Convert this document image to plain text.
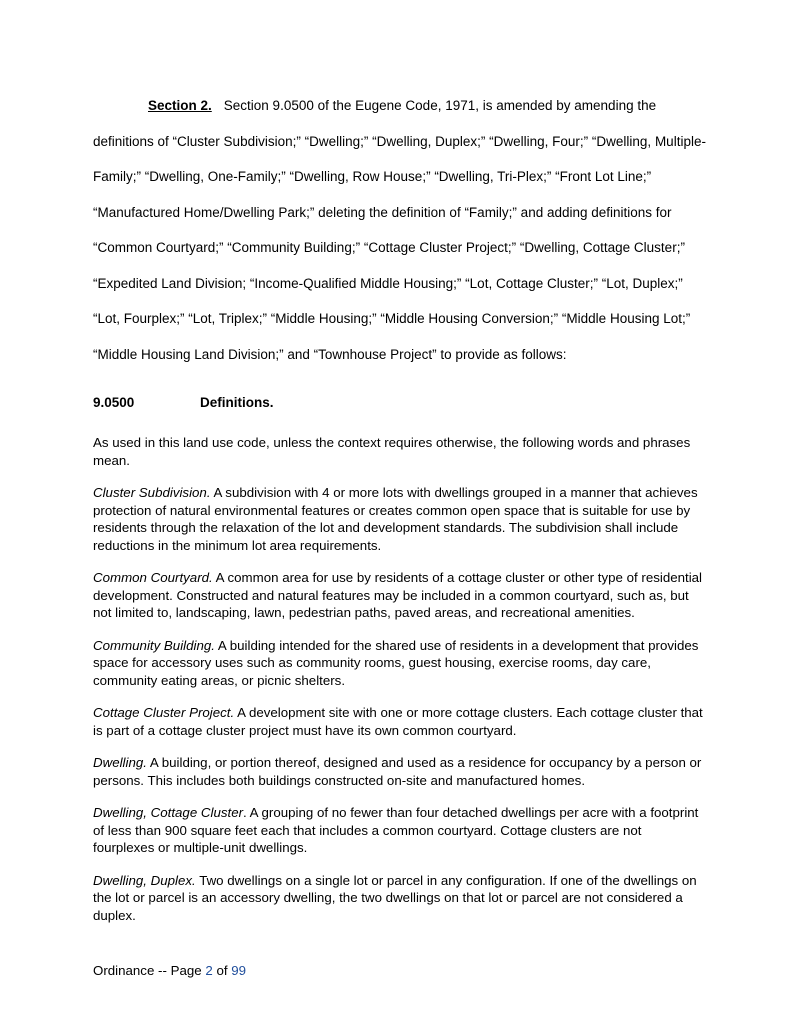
Section 2. Section 9.0500 of the Eugene Code, 1971, is amended by amending the definitions of “Cluster Subdivision;” “Dwelling;” “Dwelling, Duplex;” “Dwelling, Four;” “Dwelling, Multiple-Family;” “Dwelling, One-Family;” “Dwelling, Row House;” “Dwelling, Tri-Plex;” “Front Lot Line;” “Manufactured Home/Dwelling Park;” deleting the definition of “Family;” and adding definitions for “Common Courtyard;” “Community Building;” “Cottage Cluster Project;” “Dwelling, Cottage Cluster;” “Expedited Land Division; “Income-Qualified Middle Housing;” “Lot, Cottage Cluster;” “Lot, Duplex;” “Lot, Fourplex;” “Lot, Triplex;” “Middle Housing;” “Middle Housing Conversion;” “Middle Housing Lot;” “Middle Housing Land Division;” and “Townhouse Project” to provide as follows:

9.0500	Definitions.

As used in this land use code, unless the context requires otherwise, the following words and phrases mean.

Cluster Subdivision. A subdivision with 4 or more lots with dwellings grouped in a manner that achieves protection of natural environmental features or creates common open space that is suitable for use by residents through the relaxation of the lot and development standards. The subdivision shall include reductions in the minimum lot area requirements.

Common Courtyard. A common area for use by residents of a cottage cluster or other type of residential development. Constructed and natural features may be included in a common courtyard, such as, but not limited to, landscaping, lawn, pedestrian paths, paved areas, and recreational amenities.

Community Building. A building intended for the shared use of residents in a development that provides space for accessory uses such as community rooms, guest housing, exercise rooms, day care, community eating areas, or picnic shelters.

Cottage Cluster Project. A development site with one or more cottage clusters. Each cottage cluster that is part of a cottage cluster project must have its own common courtyard.

Dwelling. A building, or portion thereof, designed and used as a residence for occupancy by a person or persons. This includes both buildings constructed on-site and manufactured homes.

Dwelling, Cottage Cluster. A grouping of no fewer than four detached dwellings per acre with a footprint of less than 900 square feet each that includes a common courtyard. Cottage clusters are not fourplexes or multiple-unit dwellings.

Dwelling, Duplex. Two dwellings on a single lot or parcel in any configuration. If one of the dwellings on the lot or parcel is an accessory dwelling, the two dwellings on that lot or parcel are not considered a duplex.

Ordinance -- Page 2 of 99
